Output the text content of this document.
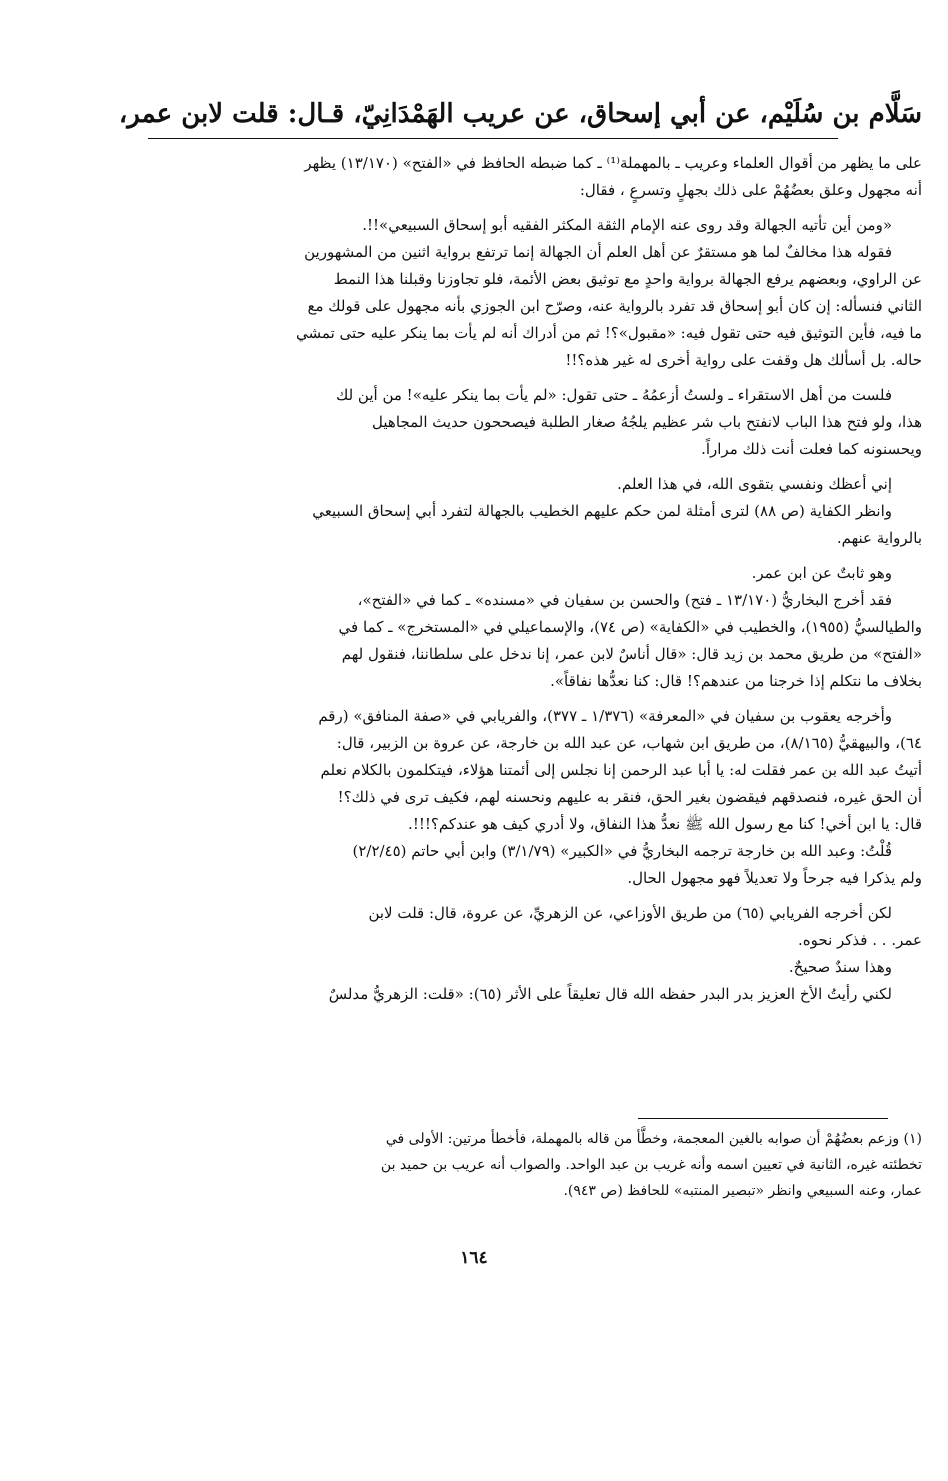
سَلَّام بن سُلَيْم، عن أبي إسحاق، عن عريب الهَمْدَانِيّ، قـال: قلت لابن عمر،

على ما يظهر من أقوال العلماء وعريب ـ بالمهملة⁽¹⁾ ـ كما ضبطه الحافظ في «الفتح» (١٣/١٧٠) يظهر

أنه مجهول وعلق بعضُهُمْ على ذلك بجهلٍ وتسرعٍ ، فقال:

«ومن أين تأتيه الجهالة وقد روى عنه الإمام الثقة المكثر الفقيه أبو إسحاق السبيعي»!!.

فقوله هذا مخالفٌ لما هو مستقرٌ عن أهل العلم أن الجهالة إنما ترتفع برواية اثنين من المشهورين

عن الراوي، وبعضهم يرفع الجهالة برواية واحدٍ مع توثيق بعض الأئمة، فلو تجاوزنا وقبلنا هذا النمط

الثاني فنسأله: إن كان أبو إسحاق قد تفرد بالرواية عنه، وصرّح ابن الجوزي بأنه مجهول على قولك مع

ما فيه، فأين التوثيق فيه حتى تقول فيه: «مقبول»؟! ثم من أدراك أنه لم يأت بما ينكر عليه حتى تمشي

حاله. بل أسألك هل وقفت على رواية أخرى له غير هذه؟!!

فلست من أهل الاستقراء ـ ولستُ أزعمُهُ ـ حتى تقول: «لم يأت بما ينكر عليه»! من أين لك

هذا، ولو فتح هذا الباب لانفتح باب شر عظيم يلجُهُ صغار الطلبة فيصححون حديث المجاهيل

ويحسنونه كما فعلت أنت ذلك مراراً.

إني أعظك ونفسي بتقوى الله، في هذا العلم.

وانظر الكفاية (ص ٨٨) لترى أمثلة لمن حكم عليهم الخطيب بالجهالة لتفرد أبي إسحاق السبيعي

بالرواية عنهم.

وهو ثابتٌ عن ابن عمر.

فقد أخرج البخاريُّ (١٣/١٧٠ ـ فتح) والحسن بن سفيان في «مسنده» ـ كما في «الفتح»،

والطيالسيُّ (١٩٥٥)، والخطيب في «الكفاية» (ص ٧٤)، والإسماعيلي في «المستخرج» ـ كما في

«الفتح» من طريق محمد بن زيد قال: «قال أناسٌ لابن عمر، إنا ندخل على سلطاننا، فنقول لهم

بخلاف ما نتكلم إذا خرجنا من عندهم؟! قال: كنا نعدُّها نفاقاً».

وأخرجه يعقوب بن سفيان في «المعرفة» (١/٣٧٦ ـ ٣٧٧)، والفريابي في «صفة المنافق» (رقم

٦٤)، والبيهقيُّ (٨/١٦٥)، من طريق ابن شهاب، عن عبد الله بن خارجة، عن عروة بن الزبير، قال:

أتيتُ عبد الله بن عمر فقلت له: يا أبا عبد الرحمن إنا نجلس إلى أئمتنا هؤلاء، فيتكلمون بالكلام نعلم

أن الحق غيره، فنصدقهم فيقضون بغير الحق، فنقر به عليهم ونحسنه لهم، فكيف ترى في ذلك؟!

قال: يا ابن أخي! كنا مع رسول الله ﷺ نعدُّ هذا النفاق، ولا أدري كيف هو عندكم؟!!!.

قُلْتُ: وعبد الله بن خارجة ترجمه البخاريُّ في «الكبير» (٣/١/٧٩) وابن أبي حاتم (٢/٢/٤٥)

ولم يذكرا فيه جرحاً ولا تعديلاً فهو مجهول الحال.

لكن أخرجه الفريابي (٦٥) من طريق الأوزاعي، عن الزهريِّ، عن عروة، قال: قلت لابن

عمر. . . فذكر نحوه.

وهذا سندٌ صحيحٌ.

لكني رأيتُ الأخ العزيز بدر البدر حفظه الله قال تعليقاً على الأثر (٦٥): «قلت: الزهريُّ مدلسٌ

(١) وزعم بعضُهُمْ أن صوابه بالغين المعجمة، وخطَّأ من قاله بالمهملة، فأخطأ مرتين: الأولى في

تخطئته غيره، الثانية في تعيين اسمه وأنه غريب بن عبد الواحد. والصواب أنه عريب بن حميد بن

عمار، وعنه السبيعي وانظر «تبصير المنتبه» للحافظ (ص ٩٤٣).

١٦٤
